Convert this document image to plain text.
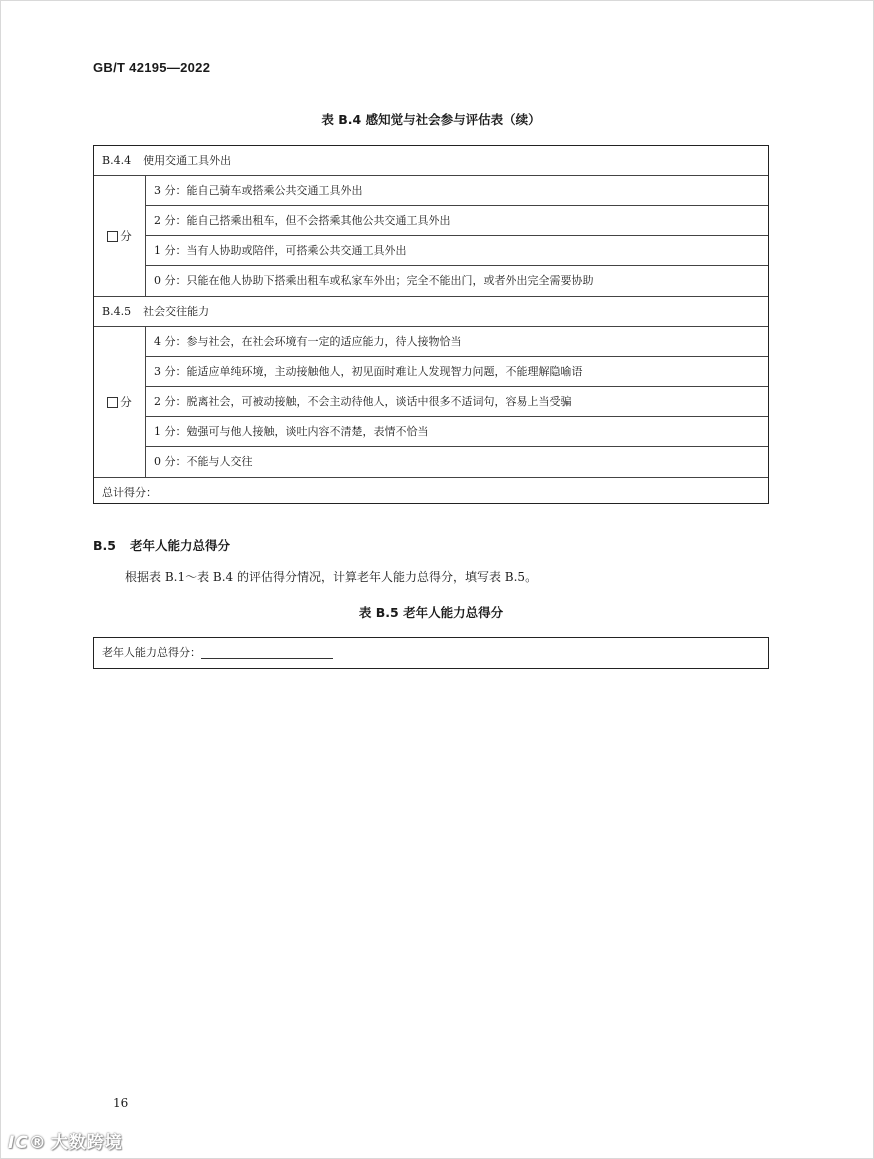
GB/T 42195—2022
表 B.4 感知觉与社会参与评估表（续）
B.4.4 使用交通工具外出
分
3 分：能自己骑车或搭乘公共交通工具外出
2 分：能自己搭乘出租车，但不会搭乘其他公共交通工具外出
1 分：当有人协助或陪伴，可搭乘公共交通工具外出
0 分：只能在他人协助下搭乘出租车或私家车外出；完全不能出门，或者外出完全需要协助
B.4.5 社会交往能力
分
4 分：参与社会，在社会环境有一定的适应能力，待人接物恰当
3 分：能适应单纯环境，主动接触他人，初见面时难让人发现智力问题，不能理解隐喻语
2 分：脱离社会，可被动接触，不会主动待他人，谈话中很多不适词句，容易上当受骗
1 分：勉强可与他人接触，谈吐内容不清楚，表情不恰当
0 分：不能与人交往
总计得分：
B.5 老年人能力总得分
根据表 B.1～表 B.4 的评估得分情况，计算老年人能力总得分，填写表 B.5。
表 B.5 老年人能力总得分
老年人能力总得分：
16
IC® 大数跨境
